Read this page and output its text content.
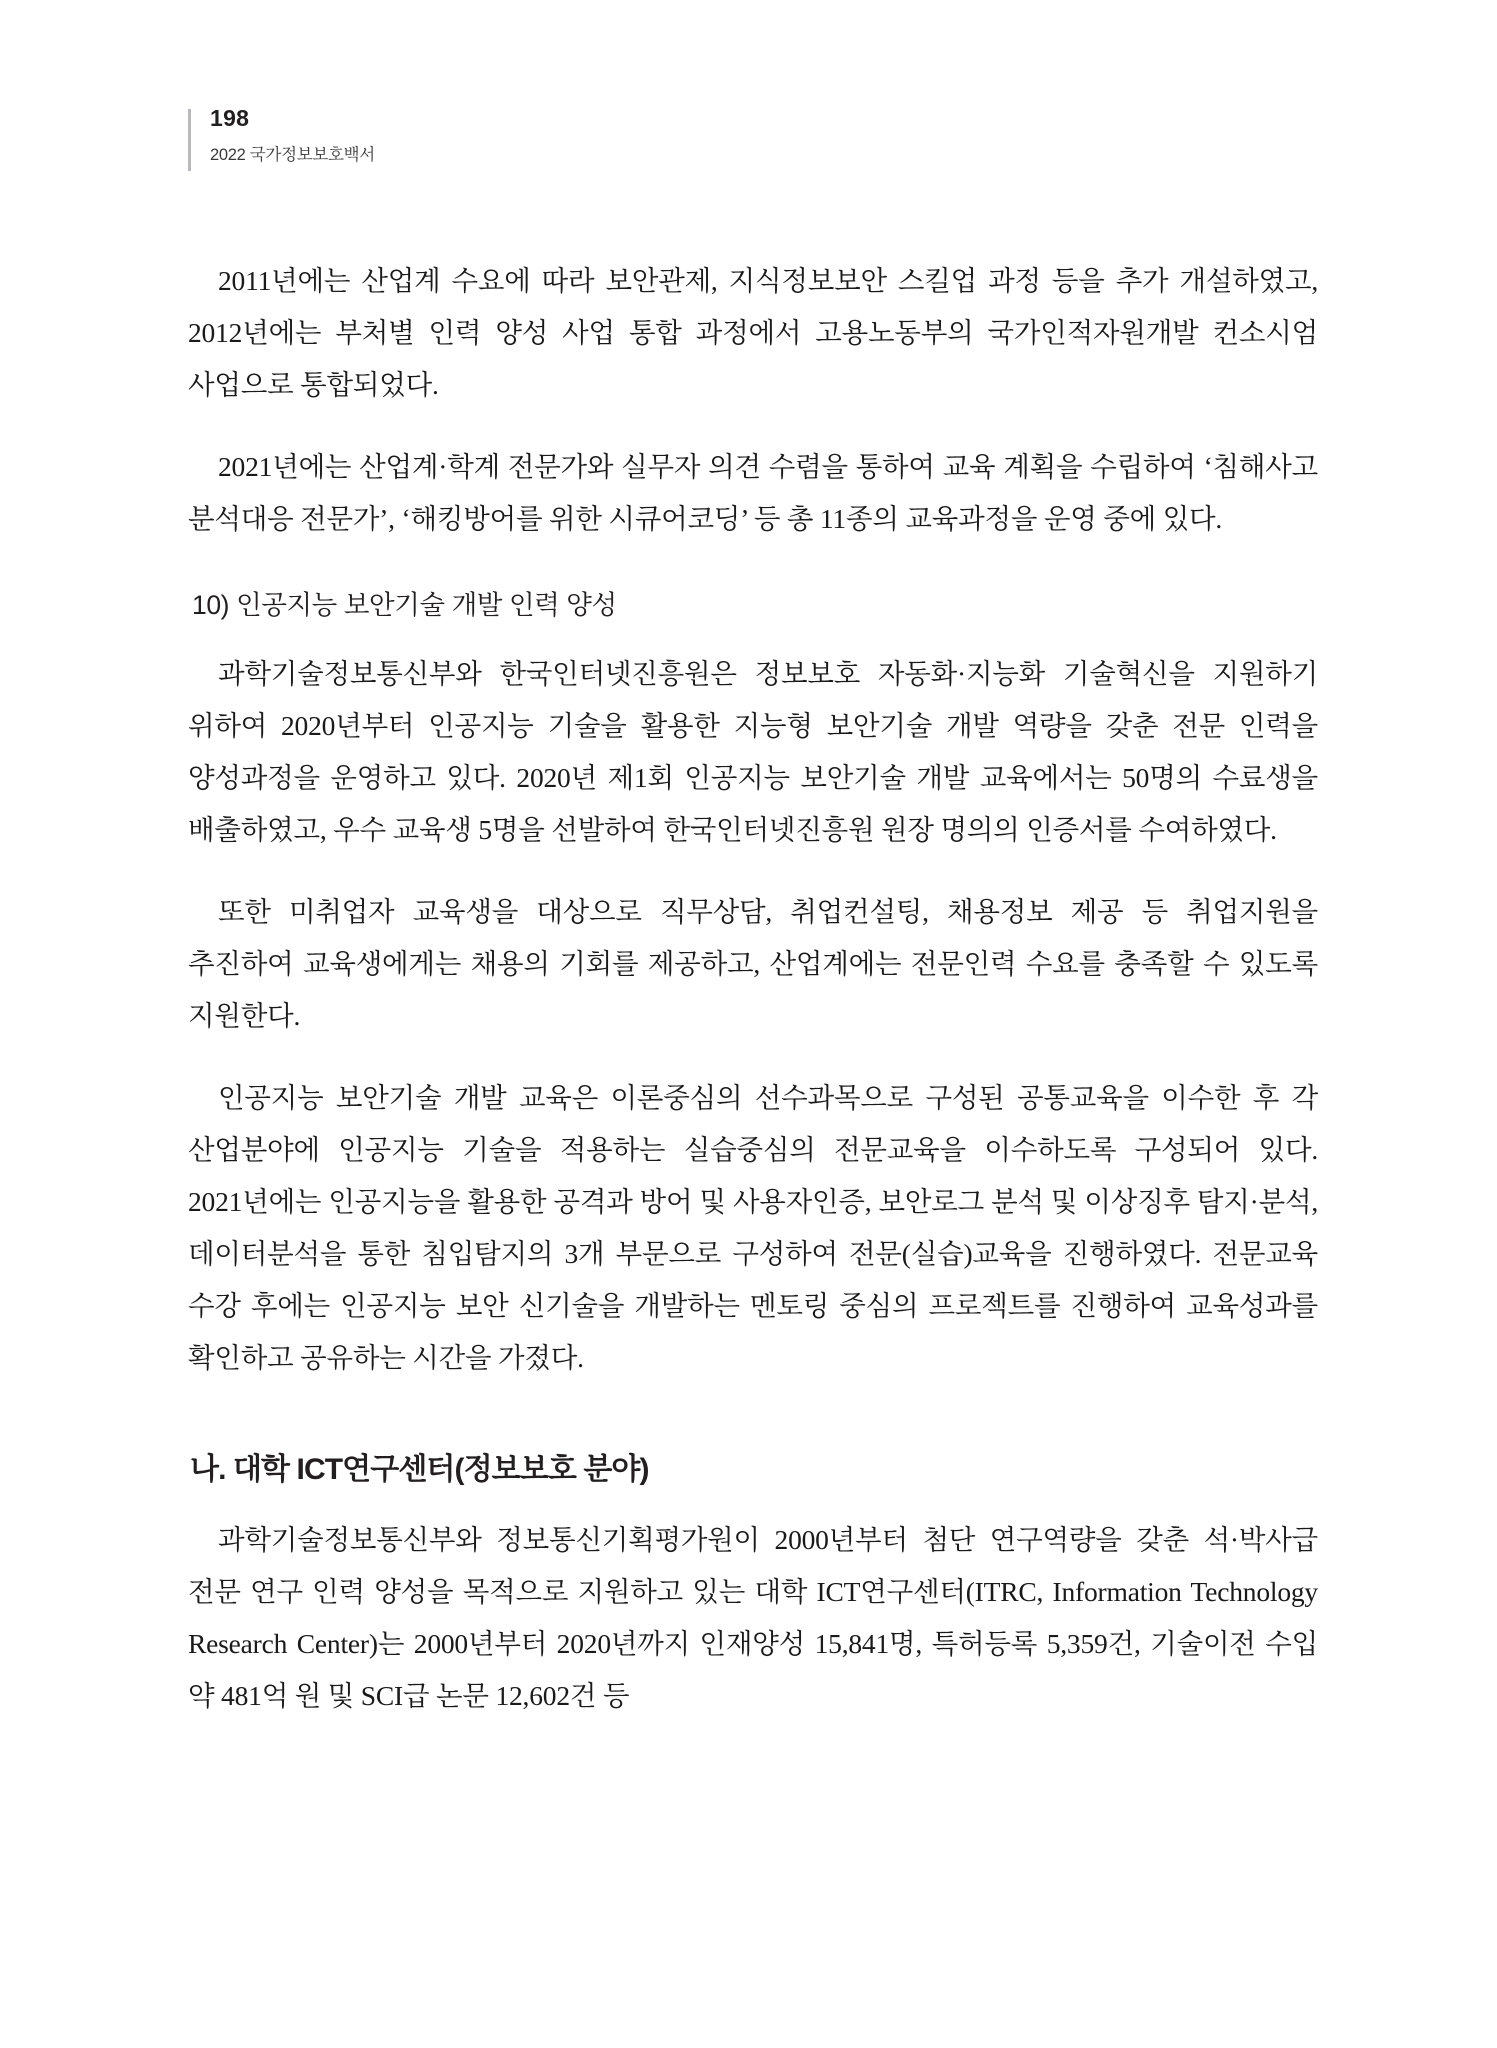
198
2022 국가정보보호백서

2011년에는 산업계 수요에 따라 보안관제, 지식정보보안 스킬업 과정 등을 추가 개설하였고, 2012년에는 부처별 인력 양성 사업 통합 과정에서 고용노동부의 국가인적자원개발 컨소시엄 사업으로 통합되었다.

2021년에는 산업계·학계 전문가와 실무자 의견 수렴을 통하여 교육 계획을 수립하여 ‘침해사고 분석대응 전문가’, ‘해킹방어를 위한 시큐어코딩’ 등 총 11종의 교육과정을 운영 중에 있다.

10) 인공지능 보안기술 개발 인력 양성

과학기술정보통신부와 한국인터넷진흥원은 정보보호 자동화·지능화 기술혁신을 지원하기 위하여 2020년부터 인공지능 기술을 활용한 지능형 보안기술 개발 역량을 갖춘 전문 인력을 양성과정을 운영하고 있다. 2020년 제1회 인공지능 보안기술 개발 교육에서는 50명의 수료생을 배출하였고, 우수 교육생 5명을 선발하여 한국인터넷진흥원 원장 명의의 인증서를 수여하였다.

또한 미취업자 교육생을 대상으로 직무상담, 취업컨설팅, 채용정보 제공 등 취업지원을 추진하여 교육생에게는 채용의 기회를 제공하고, 산업계에는 전문인력 수요를 충족할 수 있도록 지원한다.

인공지능 보안기술 개발 교육은 이론중심의 선수과목으로 구성된 공통교육을 이수한 후 각 산업분야에 인공지능 기술을 적용하는 실습중심의 전문교육을 이수하도록 구성되어 있다. 2021년에는 인공지능을 활용한 공격과 방어 및 사용자인증, 보안로그 분석 및 이상징후 탐지·분석, 데이터분석을 통한 침입탐지의 3개 부문으로 구성하여 전문(실습)교육을 진행하였다. 전문교육 수강 후에는 인공지능 보안 신기술을 개발하는 멘토링 중심의 프로젝트를 진행하여 교육성과를 확인하고 공유하는 시간을 가졌다.

나. 대학 ICT연구센터(정보보호 분야)

과학기술정보통신부와 정보통신기획평가원이 2000년부터 첨단 연구역량을 갖춘 석·박사급 전문 연구 인력 양성을 목적으로 지원하고 있는 대학 ICT연구센터(ITRC, Information Technology Research Center)는 2000년부터 2020년까지 인재양성 15,841명, 특허등록 5,359건, 기술이전 수입 약 481억 원 및 SCI급 논문 12,602건 등
